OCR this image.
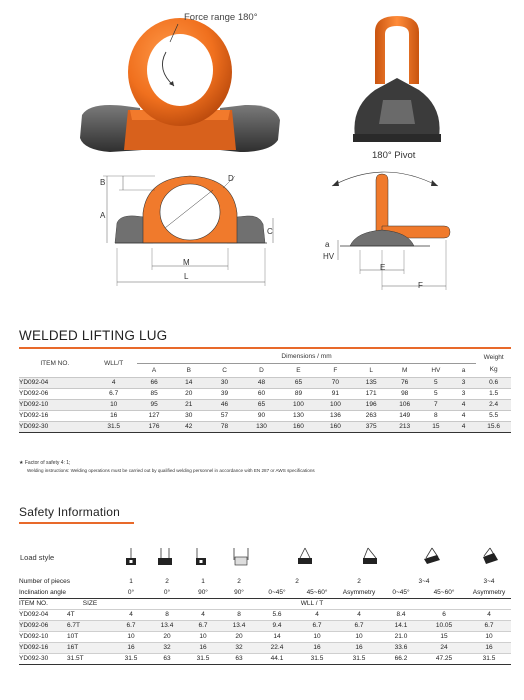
Force range 180°
180° Pivot
B
A
D
C
M
L
a
HV
E
F
WELDED LIFTING LUG
ITEM NO.	WLL/T	Dimensions / mm										Weight
		A	B	C	D	E	F	L	M	HV	a	Kg
YD092-04	4	66	14	30	48	65	70	135	76	5	3	0.6
YD092-06	6.7	85	20	39	60	89	91	171	98	5	3	1.5
YD092-10	10	95	21	46	65	100	100	196	106	7	4	2.4
YD092-16	16	127	30	57	90	130	136	263	149	8	4	5.5
YD092-30	31.5	176	42	78	130	160	160	375	213	15	4	15.6
★ Factor of safety 4: 1;
Welding instructions: Welding operations must be carried out by qualified welding personnel in accordance with EN 287 or AWS specifications
Safety Information
Load style
Number of pieces		1	2	1	2	2		2	3~4		3~4
Inclination angle		0°	0°	90°	90°	0~45°	45~60°	Asymmetry	0~45°	45~60°	Asymmetry
ITEM NO.	SIZE	WLL / T									
YD092-04	4T	4	8	4	8	5.6	4	4	8.4	6	4
YD092-06	6.7T	6.7	13.4	6.7	13.4	9.4	6.7	6.7	14.1	10.05	6.7
YD092-10	10T	10	20	10	20	14	10	10	21.0	15	10
YD092-16	16T	16	32	16	32	22.4	16	16	33.6	24	16
YD092-30	31.5T	31.5	63	31.5	63	44.1	31.5	31.5	66.2	47.25	31.5
